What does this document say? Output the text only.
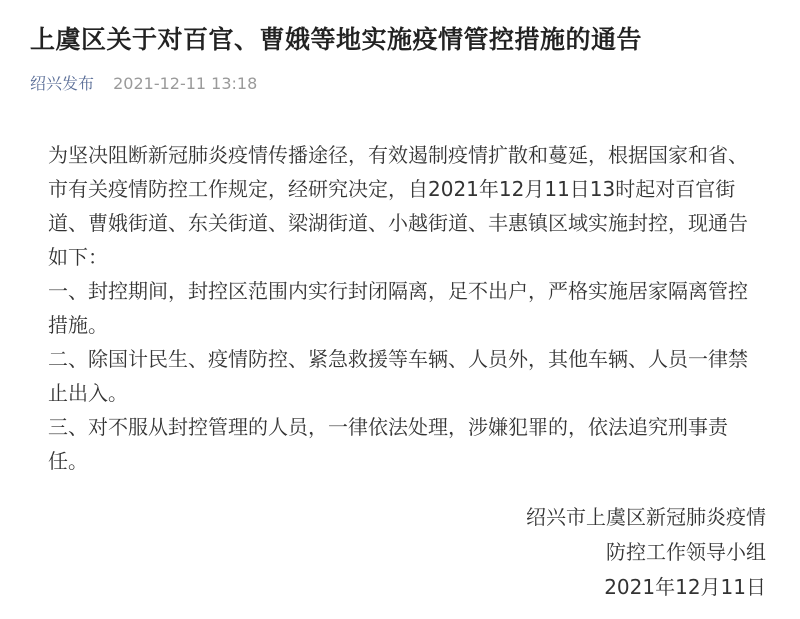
上虞区关于对百官、曹娥等地实施疫情管控措施的通告
绍兴发布 2021-12-11 13:18

为坚决阻断新冠肺炎疫情传播途径，有效遏制疫情扩散和蔓延，根据国家和省、

市有关疫情防控工作规定，经研究决定，自2021年12月11日13时起对百官街

道、曹娥街道、东关街道、梁湖街道、小越街道、丰惠镇区域实施封控，现通告

如下：

一、封控期间，封控区范围内实行封闭隔离，足不出户，严格实施居家隔离管控

措施。

二、除国计民生、疫情防控、紧急救援等车辆、人员外，其他车辆、人员一律禁

止出入。

三、对不服从封控管理的人员，一律依法处理，涉嫌犯罪的，依法追究刑事责

任。

绍兴市上虞区新冠肺炎疫情
防控工作领导小组
2021年12月11日
